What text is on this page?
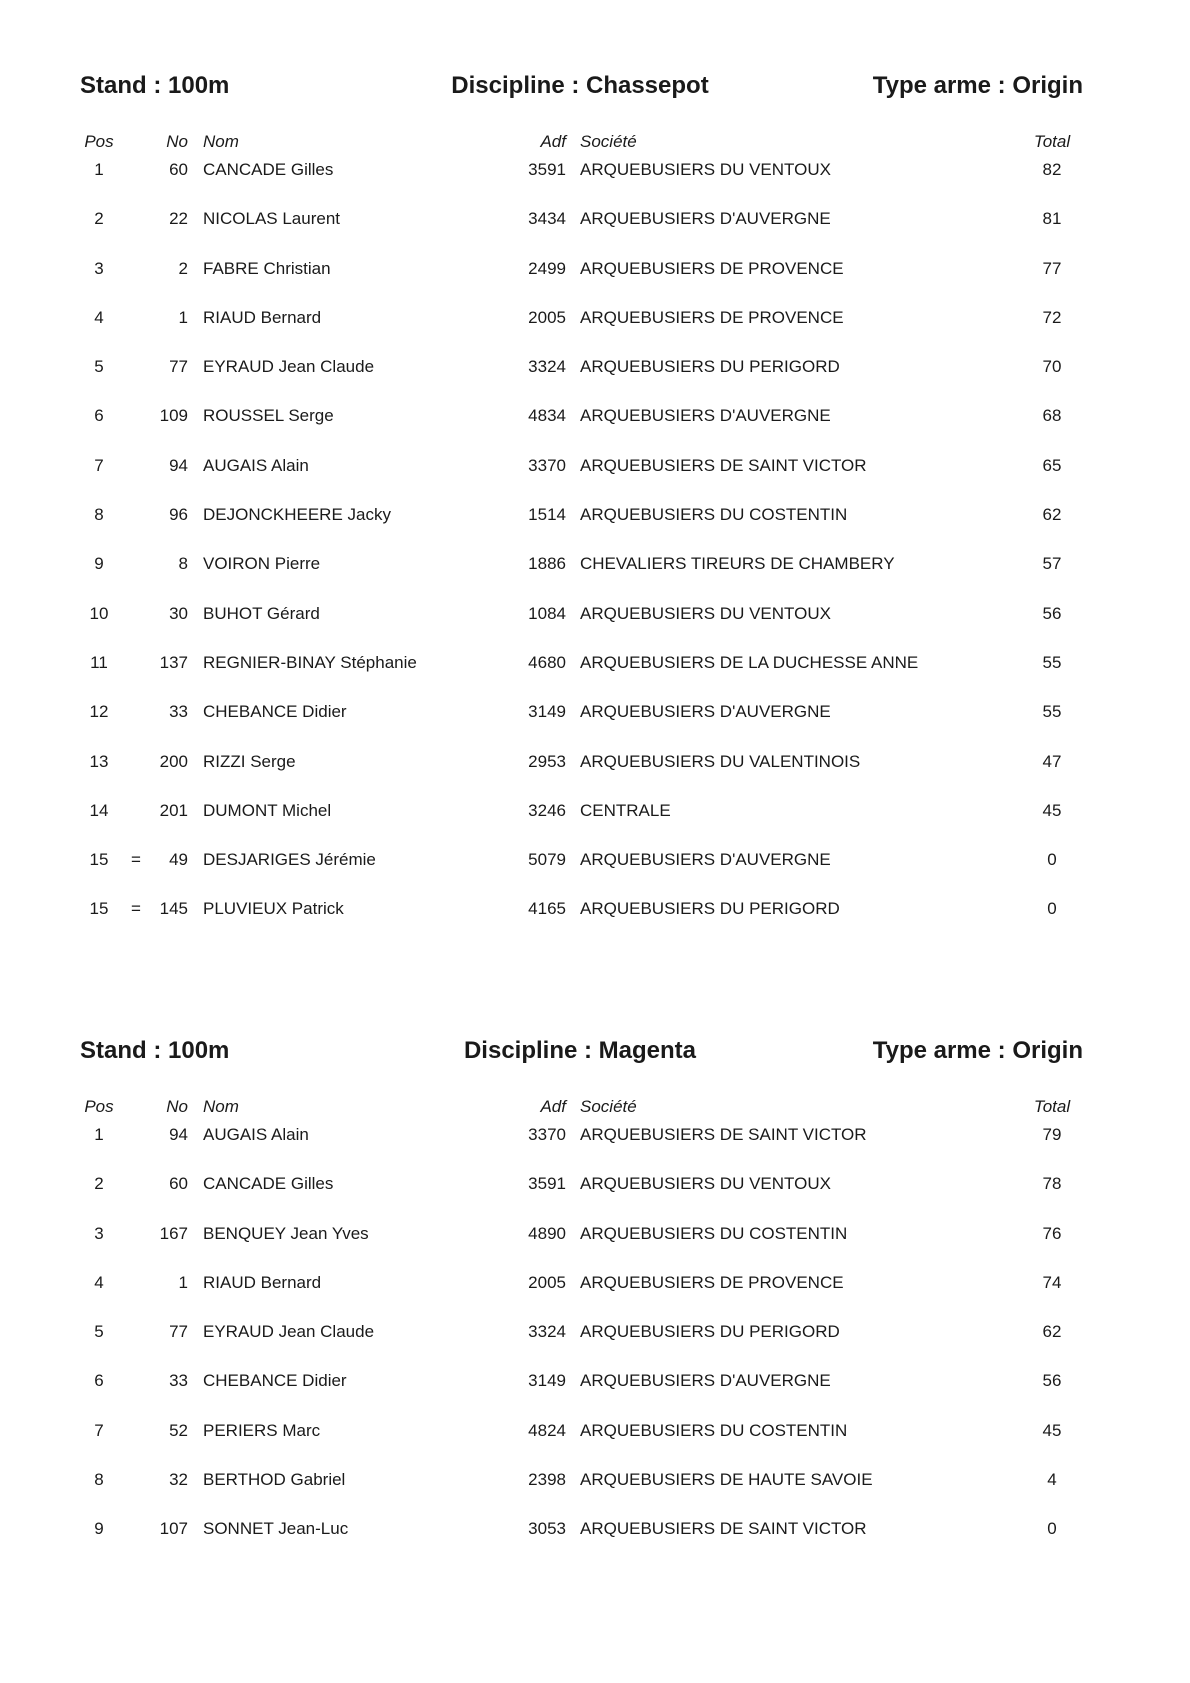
Stand : 100m	Discipline : Chassepot	Type arme : Origin
Pos	No Nom	Adf Société	Total
1	60 CANCADE Gilles	3591 ARQUEBUSIERS DU VENTOUX	82
2	22 NICOLAS Laurent	3434 ARQUEBUSIERS D'AUVERGNE	81
3	2 FABRE Christian	2499 ARQUEBUSIERS DE PROVENCE	77
4	1 RIAUD Bernard	2005 ARQUEBUSIERS DE PROVENCE	72
5	77 EYRAUD Jean Claude	3324 ARQUEBUSIERS DU PERIGORD	70
6	109 ROUSSEL Serge	4834 ARQUEBUSIERS D'AUVERGNE	68
7	94 AUGAIS Alain	3370 ARQUEBUSIERS DE SAINT VICTOR	65
8	96 DEJONCKHEERE Jacky	1514 ARQUEBUSIERS DU COSTENTIN	62
9	8 VOIRON Pierre	1886 CHEVALIERS TIREURS DE CHAMBERY	57
10	30 BUHOT Gérard	1084 ARQUEBUSIERS DU VENTOUX	56
11	137 REGNIER-BINAY Stéphanie	4680 ARQUEBUSIERS DE LA DUCHESSE ANNE	55
12	33 CHEBANCE Didier	3149 ARQUEBUSIERS D'AUVERGNE	55
13	200 RIZZI Serge	2953 ARQUEBUSIERS DU VALENTINOIS	47
14	201 DUMONT Michel	3246 CENTRALE	45
15	=	49 DESJARIGES Jérémie	5079 ARQUEBUSIERS D'AUVERGNE	0
15	=	145 PLUVIEUX Patrick	4165 ARQUEBUSIERS DU PERIGORD	0
Stand : 100m	Discipline : Magenta	Type arme : Origin
Pos	No Nom	Adf Société	Total
1	94 AUGAIS Alain	3370 ARQUEBUSIERS DE SAINT VICTOR	79
2	60 CANCADE Gilles	3591 ARQUEBUSIERS DU VENTOUX	78
3	167 BENQUEY Jean Yves	4890 ARQUEBUSIERS DU COSTENTIN	76
4	1 RIAUD Bernard	2005 ARQUEBUSIERS DE PROVENCE	74
5	77 EYRAUD Jean Claude	3324 ARQUEBUSIERS DU PERIGORD	62
6	33 CHEBANCE Didier	3149 ARQUEBUSIERS D'AUVERGNE	56
7	52 PERIERS Marc	4824 ARQUEBUSIERS DU COSTENTIN	45
8	32 BERTHOD Gabriel	2398 ARQUEBUSIERS DE HAUTE SAVOIE	4
9	107 SONNET Jean-Luc	3053 ARQUEBUSIERS DE SAINT VICTOR	0
